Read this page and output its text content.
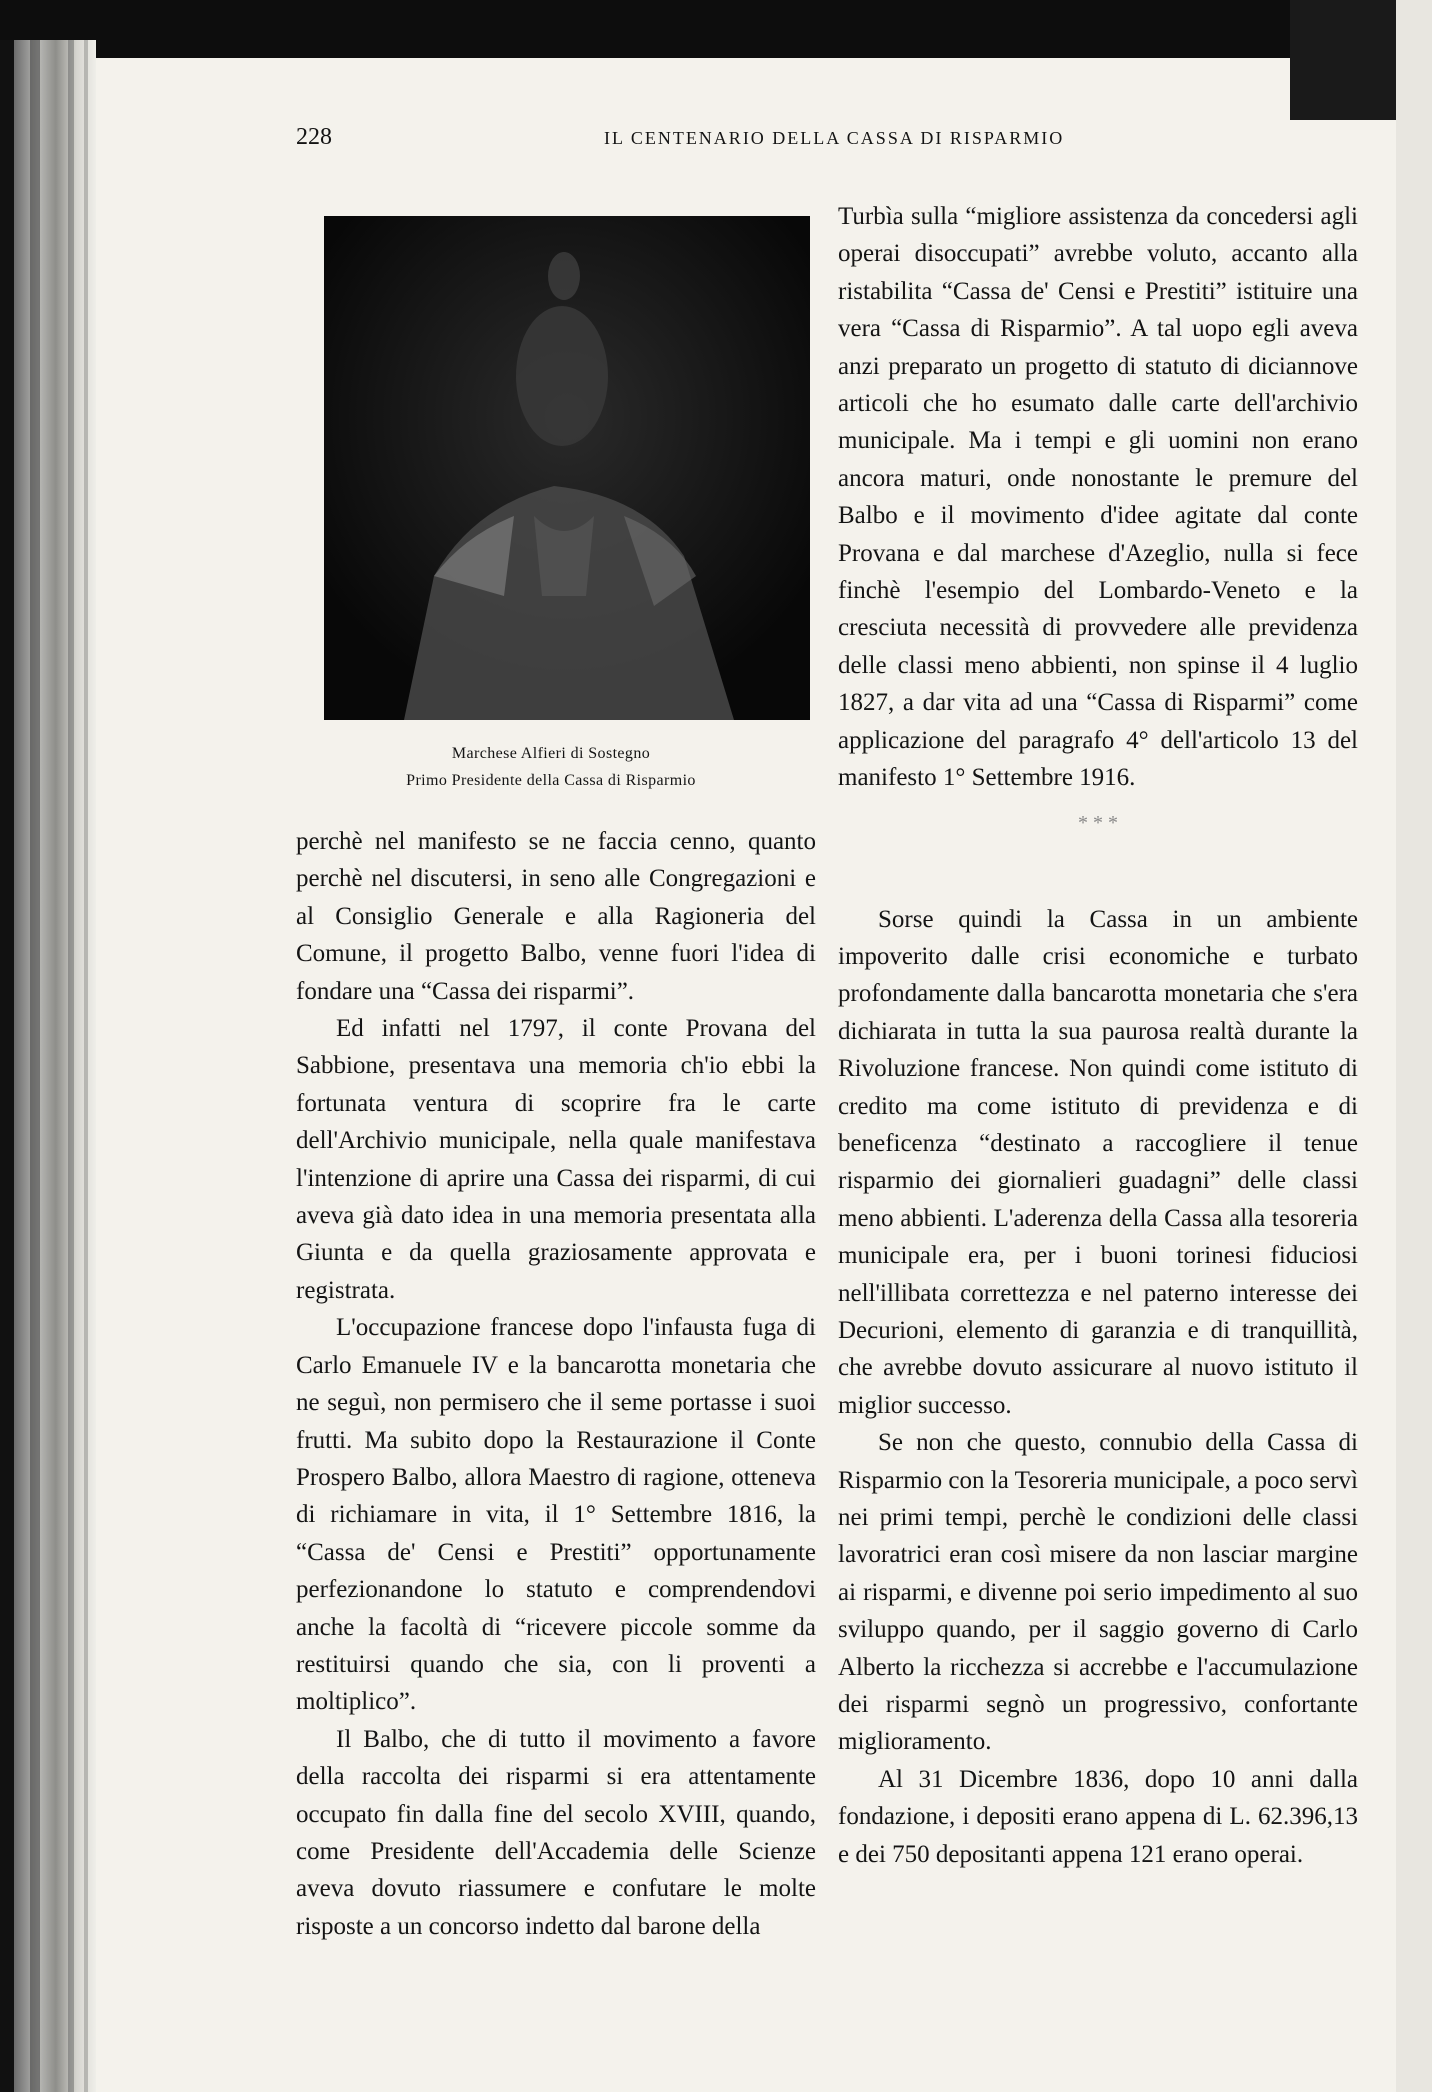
228	IL CENTENARIO DELLA CASSA DI RISPARMIO
Marchese Alfieri di Sostegno
Primo Presidente della Cassa di Risparmio

perchè nel manifesto se ne faccia cenno, quanto perchè nel discutersi, in seno alle Congregazioni e al Consiglio Generale e alla Ragioneria del Comune, il progetto Balbo, venne fuori l'idea di fondare una “Cassa dei risparmi”.

Ed infatti nel 1797, il conte Provana del Sabbione, presentava una memoria ch'io ebbi la fortunata ventura di scoprire fra le carte dell'Archivio municipale, nella quale manifestava l'intenzione di aprire una Cassa dei risparmi, di cui aveva già dato idea in una memoria presentata alla Giunta e da quella graziosamente approvata e registrata.

L'occupazione francese dopo l'infausta fuga di Carlo Emanuele IV e la bancarotta monetaria che ne seguì, non permisero che il seme portasse i suoi frutti. Ma subito dopo la Restaurazione il Conte Prospero Balbo, allora Maestro di ragione, otteneva di richiamare in vita, il 1° Settembre 1816, la “Cassa de' Censi e Prestiti” opportunamente perfezionandone lo statuto e comprendendovi anche la facoltà di “ricevere piccole somme da restituirsi quando che sia, con li proventi a moltiplico”.

Il Balbo, che di tutto il movimento a favore della raccolta dei risparmi si era attentamente occupato fin dalla fine del secolo XVIII, quando, come Presidente dell'Accademia delle Scienze aveva dovuto riassumere e confutare le molte risposte a un concorso indetto dal barone della

Turbìa sulla “migliore assistenza da concedersi agli operai disoccupati” avrebbe voluto, accanto alla ristabilita “Cassa de' Censi e Prestiti” istituire una vera “Cassa di Risparmio”. A tal uopo egli aveva anzi preparato un progetto di statuto di diciannove articoli che ho esumato dalle carte dell'archivio municipale. Ma i tempi e gli uomini non erano ancora maturi, onde nonostante le premure del Balbo e il movimento d'idee agitate dal conte Provana e dal marchese d'Azeglio, nulla si fece finchè l'esempio del Lombardo-Veneto e la cresciuta necessità di provvedere alle previdenza delle classi meno abbienti, non spinse il 4 luglio 1827, a dar vita ad una “Cassa di Risparmi” come applicazione del paragrafo 4° dell'articolo 13 del manifesto 1° Settembre 1916.

* * *

Sorse quindi la Cassa in un ambiente impoverito dalle crisi economiche e turbato profondamente dalla bancarotta monetaria che s'era dichiarata in tutta la sua paurosa realtà durante la Rivoluzione francese. Non quindi come istituto di credito ma come istituto di previdenza e di beneficenza “destinato a raccogliere il tenue risparmio dei giornalieri guadagni” delle classi meno abbienti. L'aderenza della Cassa alla tesoreria municipale era, per i buoni torinesi fiduciosi nell'illibata correttezza e nel paterno interesse dei Decurioni, elemento di garanzia e di tranquillità, che avrebbe dovuto assicurare al nuovo istituto il miglior successo.

Se non che questo, connubio della Cassa di Risparmio con la Tesoreria municipale, a poco servì nei primi tempi, perchè le condizioni delle classi lavoratrici eran così misere da non lasciar margine ai risparmi, e divenne poi serio impedimento al suo sviluppo quando, per il saggio governo di Carlo Alberto la ricchezza si accrebbe e l'accumulazione dei risparmi segnò un progressivo, confortante miglioramento.

Al 31 Dicembre 1836, dopo 10 anni dalla fondazione, i depositi erano appena di L. 62.396,13 e dei 750 depositanti appena 121 erano operai.
